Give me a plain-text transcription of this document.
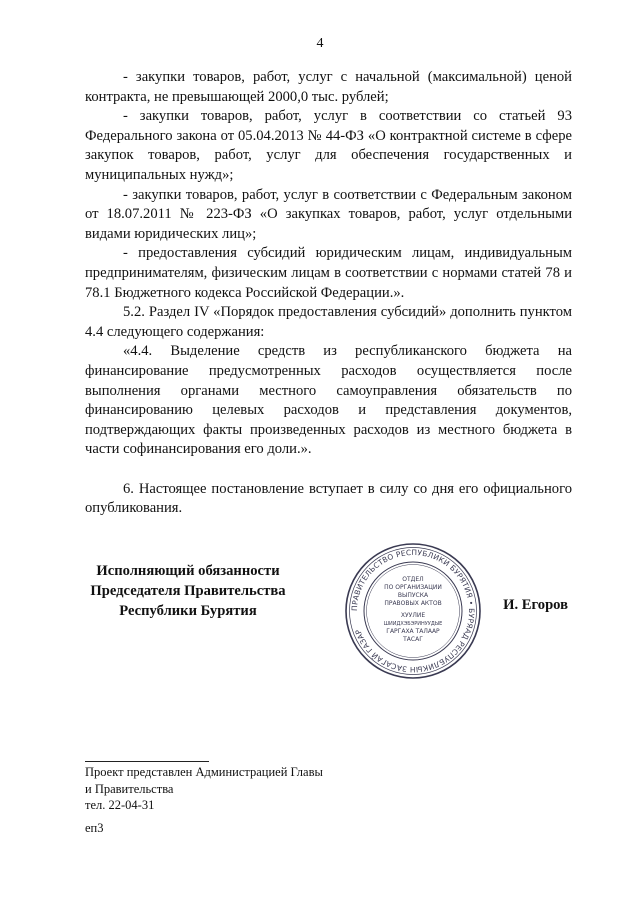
4

- закупки товаров, работ, услуг с начальной (максимальной) ценой контракта, не превышающей 2000,0 тыс. рублей;

- закупки товаров, работ, услуг в соответствии со статьей 93 Федерального закона от 05.04.2013 № 44-ФЗ «О контрактной системе в сфере закупок товаров, работ, услуг для обеспечения государственных и муниципальных нужд»;

- закупки товаров, работ, услуг в соответствии с Федеральным законом от 18.07.2011 № 223-ФЗ «О закупках товаров, работ, услуг отдельными видами юридических лиц»;

- предоставления субсидий юридическим лицам, индивидуальным предпринимателям, физическим лицам в соответствии с нормами статей 78 и 78.1 Бюджетного кодекса Российской Федерации.».

5.2. Раздел IV «Порядок предоставления субсидий» дополнить пунктом 4.4 следующего содержания:

«4.4. Выделение средств из республиканского бюджета на финансирование предусмотренных расходов осуществляется после выполнения органами местного самоуправления обязательств по финансированию целевых расходов и представления документов, подтверждающих факты произведенных расходов из местного бюджета в части софинансирования его доли.».

6. Настоящее постановление вступает в силу со дня его официального опубликования.

Исполняющий обязанности
Председателя Правительства
Республики Бурятия	ПРАВИТЕЛЬСТВО РЕСПУБЛИКИ БУРЯТИЯ • БУРЯАД РЕСПУБЛИКЫН ЗАСАГАЙ ГАЗАР
ОТДЕЛ
ПО ОРГАНИЗАЦИИ
ВЫПУСКА
ПРАВОВЫХ АКТОВ
ХУУЛИЕ
ШИИДХЭБЭРИНУУДЫЕ
ГАРГАХА ТАЛААР
ТАСАГ
И. Егоров
Проект представлен Администрацией Главы
и Правительства
тел. 22-04-31
еп3
